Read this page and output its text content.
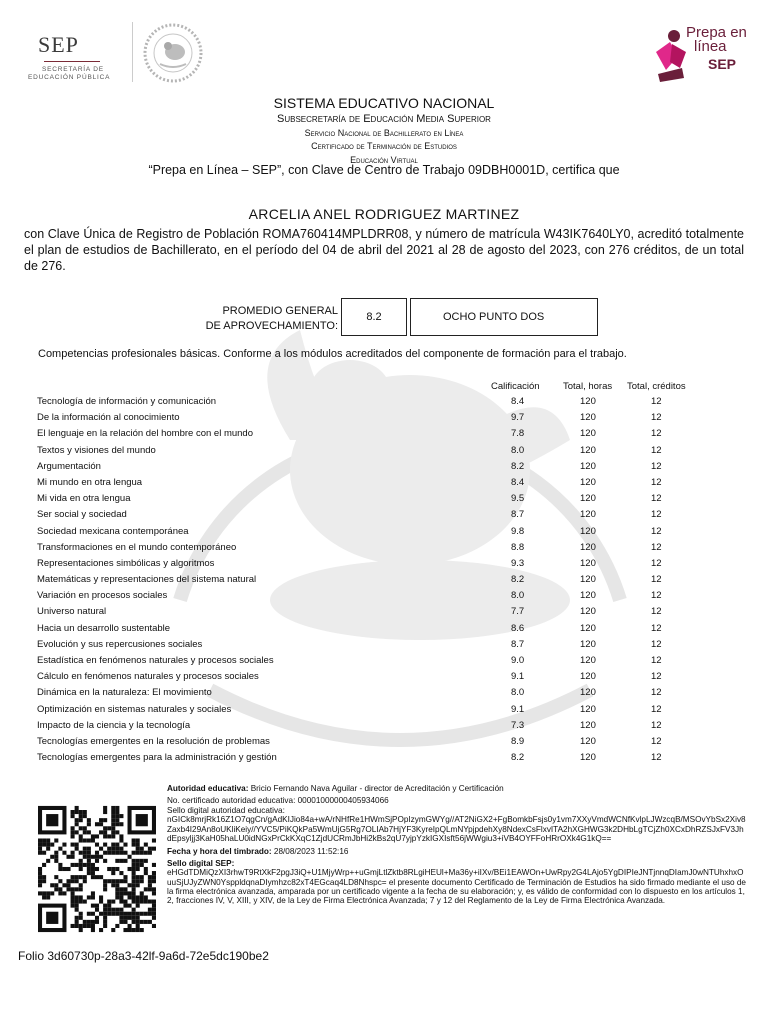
SEP
SECRETARÍA DE
EDUCACIÓN PÚBLICA
Prepa en
línea
SEP
SISTEMA EDUCATIVO NACIONAL
Subsecretaría de Educación Media Superior
Servicio Nacional de Bachillerato en Línea
Certificado de Terminación de Estudios
Educación Virtual
“Prepa en Línea – SEP”, con Clave de Centro de Trabajo 09DBH0001D, certifica que
ARCELIA ANEL RODRIGUEZ MARTINEZ
con Clave Única de Registro de Población ROMA760414MPLDRR08, y número de matrícula W43IK7640LY0, acreditó totalmente el plan de estudios de Bachillerato, en el período del 04 de abril del 2021 al 28 de agosto del 2023, con 276 créditos, de un total de 276.
PROMEDIO GENERAL
DE APROVECHAMIENTO:
8.2	OCHO PUNTO DOS
Competencias profesionales básicas. Conforme a los módulos acreditados del componente de formación para el trabajo.
Calificación Total, horas Total, créditos
Tecnología de información y comunicación	8.4	120	12
De la información al conocimiento	9.7	120	12
El lenguaje en la relación del hombre con el mundo	7.8	120	12
Textos y visiones del mundo	8.0	120	12
Argumentación	8.2	120	12
Mi mundo en otra lengua	8.4	120	12
Mi vida en otra lengua	9.5	120	12
Ser social y sociedad	8.7	120	12
Sociedad mexicana contemporánea	9.8	120	12
Transformaciones en el mundo contemporáneo	8.8	120	12
Representaciones simbólicas y algoritmos	9.3	120	12
Matemáticas y representaciones del sistema natural	8.2	120	12
Variación en procesos sociales	8.0	120	12
Universo natural	7.7	120	12
Hacia un desarrollo sustentable	8.6	120	12
Evolución y sus repercusiones sociales	8.7	120	12
Estadística en fenómenos naturales y procesos sociales	9.0	120	12
Cálculo en fenómenos naturales y procesos sociales	9.1	120	12
Dinámica en la naturaleza: El movimiento	8.0	120	12
Optimización en sistemas naturales y sociales	9.1	120	12
Impacto de la ciencia y la tecnología	7.3	120	12
Tecnologías emergentes en la resolución de problemas	8.9	120	12
Tecnologías emergentes para la administración y gestión	8.2	120	12

Autoridad educativa: Bricio Fernando Nava Aguilar - director de Acreditación y Certificación

No. certificado autoridad educativa: 00001000000405934066

Sello digital autoridad educativa:

nGICk8mrjRk16Z1O7qgCn/gAdKIJio84a+wA/rNHfRe1HWmSjPOpIzymGWYg//AT2NiGX2+FgBomkbFsjs0y1vm7XXyVmdWCNfKvlpLJWzcqB/MSOvYbSx2Xiv8Zaxb4I29An8oUKliKeiy//YVC5/PiKQkPa5WmUjG5Rg7OLIAb7HjYF3KyreIpQLmNYpjpdehXy8NdexCsFlxvITA2hXGHWG3k2DHbLgTCjZh0XCxDhRZSJxFV3JhdEpsyljj3KaH05haLU0idNGxPrCkKXqC1ZjdUCRmJbHi2kBs2qU7yjpYzkIGXIsft56jWWgiu3+iVB4OYFFoHRrOXk4G1kQ==

Fecha y hora del timbrado: 28/08/2023 11:52:16

Sello digital SEP:

eHGdTDMiQzXI3rhwT9RtXkF2pgJ3iQ+U1MjyWrp++uGmjLtlZktb8RLgiHEUl+Ma36y+iIXv/BEi1EAWOn+UwRpy2G4LAjo5YgDIPIeJNTjnnqDIamJ0wNTUhxhxOuuSjUJyZWN0YsppldqnaDIymhzc82xT4EGcaq4LD8Nhspc= el presente documento Certificado de Terminación de Estudios ha sido firmado mediante el uso de la firma electrónica avanzada, amparada por un certificado vigente a la fecha de su elaboración; y, es válido de conformidad con lo dispuesto en los artículos 1, 2, fracciones IV, V, XIII, y XIV, de la Ley de Firma Electrónica Avanzada; 7 y 12 del Reglamento de la Ley de Firma Electrónica Avanzada.

Folio 3d60730p-28a3-42lf-9a6d-72e5dc190be2
